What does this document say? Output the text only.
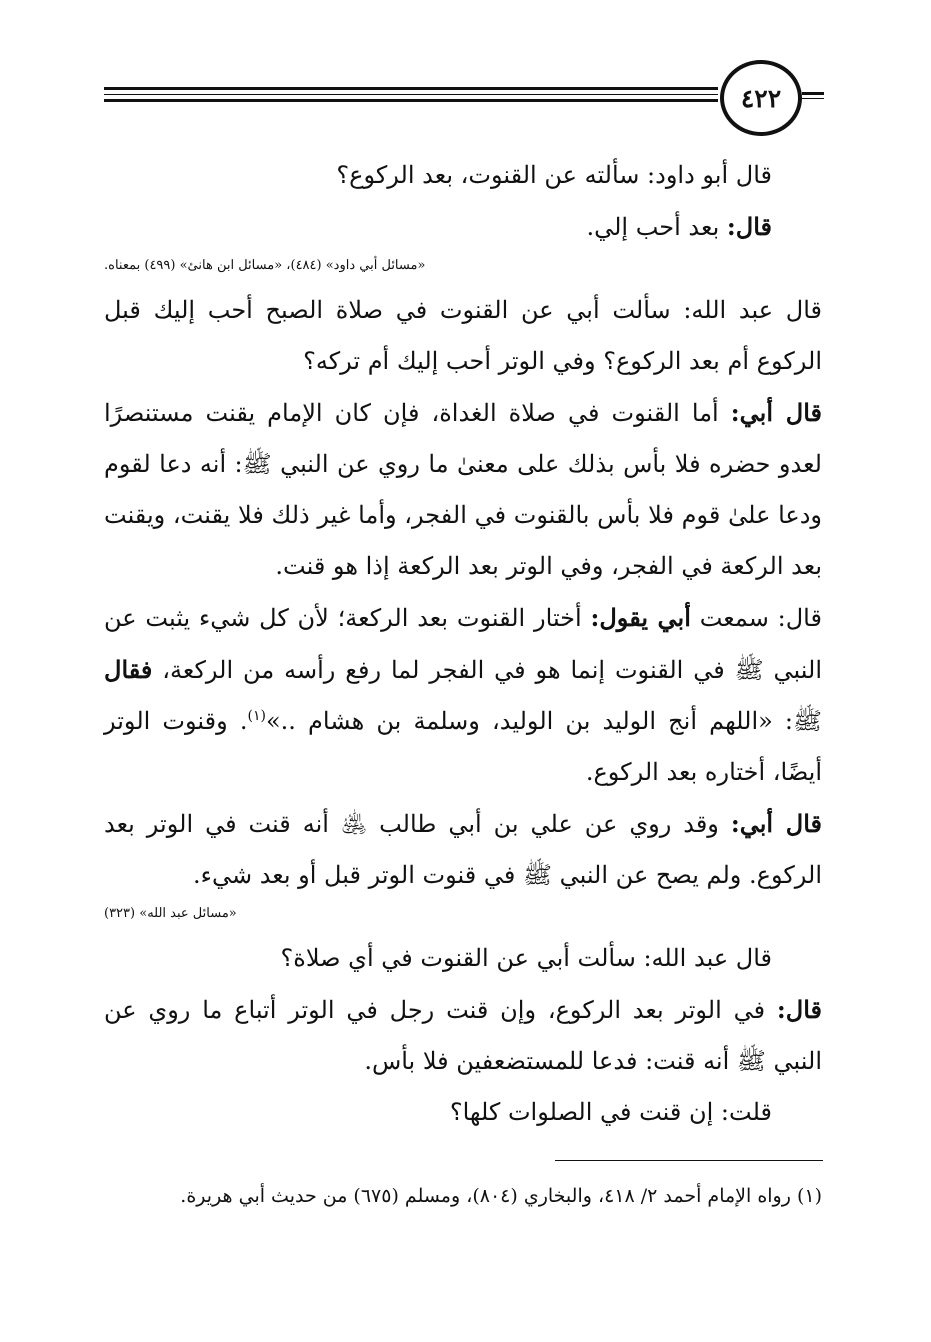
٤٢٢

قال أبو داود: سألته عن القنوت، بعد الركوع؟

قال: بعد أحب إلي.

«مسائل أبي داود» (٤٨٤)، «مسائل ابن هانئ» (٤٩٩) بمعناه.

قال عبد الله: سألت أبي عن القنوت في صلاة الصبح أحب إليك قبل الركوع أم بعد الركوع؟ وفي الوتر أحب إليك أم تركه؟

قال أبي: أما القنوت في صلاة الغداة، فإن كان الإمام يقنت مستنصرًا لعدو حضره فلا بأس بذلك على معنىٰ ما روي عن النبي ﷺ: أنه دعا لقوم ودعا علىٰ قوم فلا بأس بالقنوت في الفجر، وأما غير ذلك فلا يقنت، ويقنت بعد الركعة في الفجر، وفي الوتر بعد الركعة إذا هو قنت.

قال: سمعت أبي يقول: أختار القنوت بعد الركعة؛ لأن كل شيء يثبت عن النبي ﷺ في القنوت إنما هو في الفجر لما رفع رأسه من الركعة، فقال ﷺ: «اللهم أنج الوليد بن الوليد، وسلمة بن هشام ..»$^{(١)}$. وقنوت الوتر أيضًا، أختاره بعد الركوع.

قال أبي: وقد روي عن علي بن أبي طالب ﵁ أنه قنت في الوتر بعد الركوع. ولم يصح عن النبي ﷺ في قنوت الوتر قبل أو بعد شيء.

«مسائل عبد الله» (٣٢٣)

قال عبد الله: سألت أبي عن القنوت في أي صلاة؟

قال: في الوتر بعد الركوع، وإن قنت رجل في الوتر أتباع ما روي عن النبي ﷺ أنه قنت: فدعا للمستضعفين فلا بأس.

قلت: إن قنت في الصلوات كلها؟

(١) رواه الإمام أحمد ٢/ ٤١٨، والبخاري (٨٠٤)، ومسلم (٦٧٥) من حديث أبي هريرة.
